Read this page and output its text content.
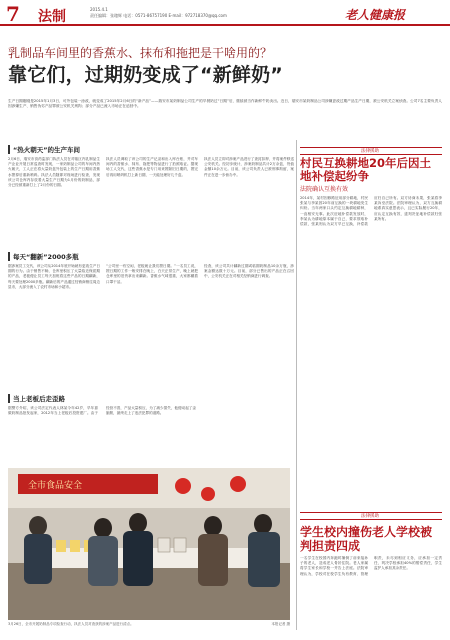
7 法制	2015.4.1
责任编辑：张璁辉 电话：0571-86757190 E-mail：972718370@qq.com	老人健康报
乳制品车间里的香蕉水、抹布和拖把是干啥用的？
靠它们，过期奶变成了“新鲜奶”
生产日期刚刚是2015年1月3日，可外包装一涂改，就变成了2015年2月6日的“新产品”——瑞安市某奶制品公司生产的早餐奶过“日期”后，继续被当作新鲜牛奶卖出。近日，瑞安市某奶制品公司涉嫌更改过期产品生产日期，被公安机关立案侦查。公司7名主要负责人因涉嫌生产、销售伪劣产品罪被公安机关刑拘；部分产品已流入市场正在追回中。
“热火朝天”的生产车间
2月6日，瑞安市食药监部门执法人员在对辖区内乳制品生产企业开展日常巡查时发现，一家奶制品公司的车间内热火朝天，工人正在将大量奶盒外包装上的生产日期用香蕉水擦掉后重新喷码。执法人员随即对现场进行检查，发现该公司仓库内存放着大量生产日期为1月份的奶制品，部分已经被重新打上了2月份的日期。
执法人员调取了该公司的生产记录和出入库台账，并对车间内的香蕉水、抹布、拖把等物品进行了拍照取证。据现场工人交代，这些香蕉水是专门用来擦除旧日期的，擦完后再用喷码机打上新日期，一天能处理好几千盒。
执法人员立即对涉案产品进行了查封扣押，并将案件移送公安机关。经初步统计，涉案奶制品共计2万余盒，货值金额10余万元。目前，该公司负责人已被刑事拘留，案件正在进一步侦办中。
每天“翻新”2000多瓶
据涉案员工交代，该公司从2014年底开始就有更改生产日期的行为。由于销售不畅，仓库里积压了大量临近保质期的产品，老板便让员工每天加班将这些产品的日期翻新，每天要处理2000多瓶。翻新后的产品通过经销商销往周边县市，大部分流入了农村市场和小超市。
“公司里一有空闲，老板就让我们擦日期。”一名员工说，擦日期的工作一般安排在晚上，白天正常生产，晚上就把仓库里的旧货拿出来翻新。香蕉水气味很重，大家都戴着口罩干活。
经查，该公司共计翻新过期或临期奶制品10余万瓶，涉案金额达数十万元。目前，部分已售出的产品正在召回中，公安机关正在对相关经销商进行调查。
当上老板后走歪路
据警方介绍，该公司法定代表人林某今年42岁，早年靠做奶制品批发起家，2012年当上老板后投资建厂。由于经营不善，产品大量积压，为了减少损失，他便动起了歪脑筋，最终走上了违法犯罪的道路。
法律援助
村民互换耕地20年后因土地补偿起纷争
法院确认互换有效
2014年，某村因修路征用部分耕地，村民张某与李某因20年前互换的一块耕地发生纠纷。当年两家口头约定互换耕地耕种，一直相安无事。此次征地补偿款发放时，李某认为耕地原本属于自己，要求领取补偿款，张某则认为双方早已互换，补偿款应归自己所有。双方协商未果，张某将李某诉至法院。法院审理认为，双方互换耕地系真实意思表示，且已实际履行20年，应认定互换有效，遂判决征地补偿款归张某所有。
法律援助
学生校内撞伤老人学校被判担责四成
一名学生在校园内奔跑时撞倒了前来接孙子的老人，造成老人骨折住院。老人家属将学生家长和学校一并告上法庭。法院审理认为，学校对在校学生负有教育、管理职责，未尽到相应义务，应承担一定责任，判决学校承担40%的赔偿责任，学生监护人承担其余责任。
全市食品安全
3月26日，全市开展奶制品专项检查行动，执法人员对查获的涉案产品进行清点。	本报记者 摄
